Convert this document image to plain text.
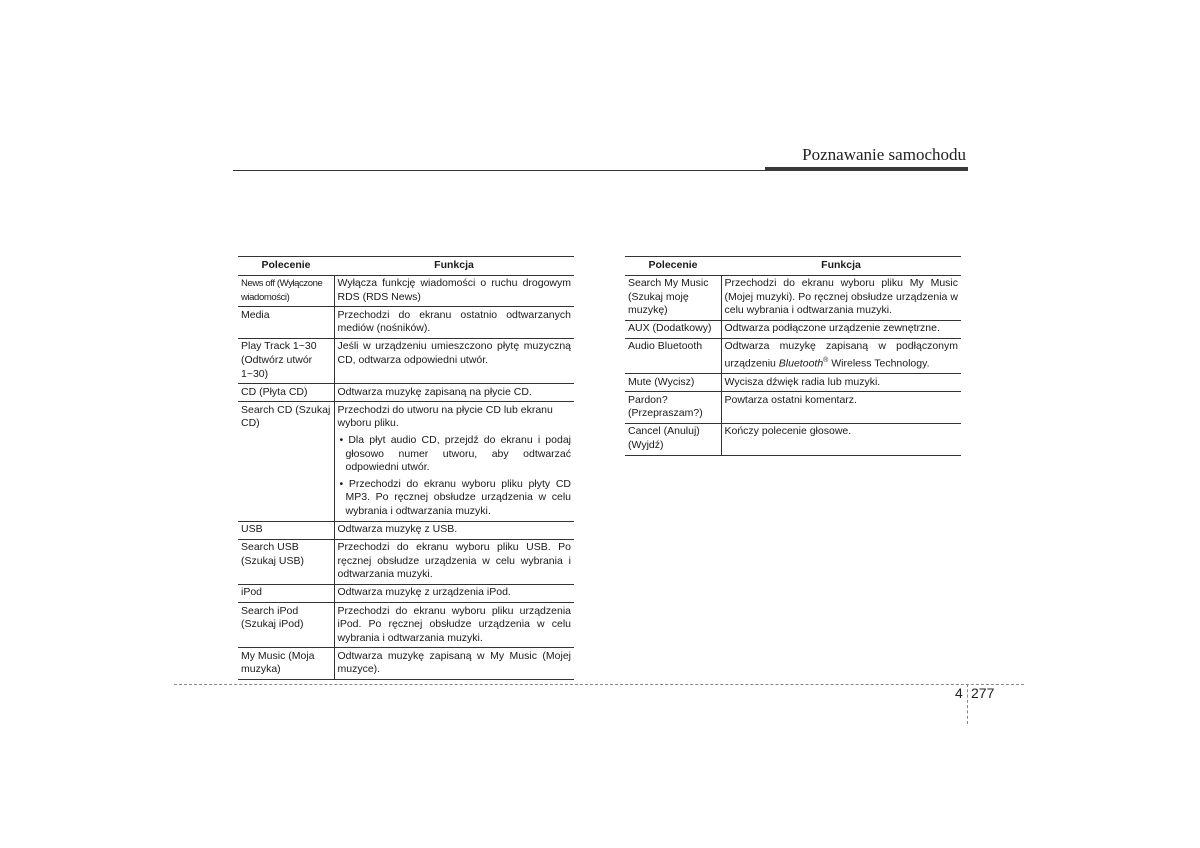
Poznawanie samochodu
Polecenie	Funkcja
News off (Wyłączone wiadomości)	Wyłącza funkcję wiadomości o ruchu drogowym RDS (RDS News)
Media	Przechodzi do ekranu ostatnio odtwarzanych mediów (nośników).
Play Track 1~30 (Odtwórz utwór 1~30)	Jeśli w urządzeniu umieszczono płytę muzyczną CD, odtwarza odpowiedni utwór.
CD (Płyta CD)	Odtwarza muzykę zapisaną na płycie CD.
Search CD (Szukaj CD)	Przechodzi do utworu na płycie CD lub ekranu wyboru pliku.
• Dla płyt audio CD, przejdź do ekranu i podaj głosowo numer utworu, aby odtwarzać odpowiedni utwór.
• Przechodzi do ekranu wyboru pliku płyty CD MP3. Po ręcznej obsłudze urządzenia w celu wybrania i odtwarzania muzyki.

USB	Odtwarza muzykę z USB.
Search USB (Szukaj USB)	Przechodzi do ekranu wyboru pliku USB. Po ręcznej obsłudze urządzenia w celu wybrania i odtwarzania muzyki.
iPod	Odtwarza muzykę z urządzenia iPod.
Search iPod (Szukaj iPod)	Przechodzi do ekranu wyboru pliku urządzenia iPod. Po ręcznej obsłudze urządzenia w celu wybrania i odtwarzania muzyki.
My Music (Moja muzyka)	Odtwarza muzykę zapisaną w My Music (Mojej muzyce).
Polecenie	Funkcja
Search My Music (Szukaj moję muzykę)	Przechodzi do ekranu wyboru pliku My Music (Mojej muzyki). Po ręcznej obsłudze urządzenia w celu wybrania i odtwarzania muzyki.
AUX (Dodatkowy)	Odtwarza podłączone urządzenie zewnętrzne.
Audio Bluetooth	Odtwarza muzykę zapisaną w podłączonym urządzeniu Bluetooth® Wireless Technology.
Mute (Wycisz)	Wycisza dźwięk radia lub muzyki.
Pardon? (Przepraszam?)	Powtarza ostatni komentarz.
Cancel (Anuluj) (Wyjdź)	Kończy polecenie głosowe.
4 277
